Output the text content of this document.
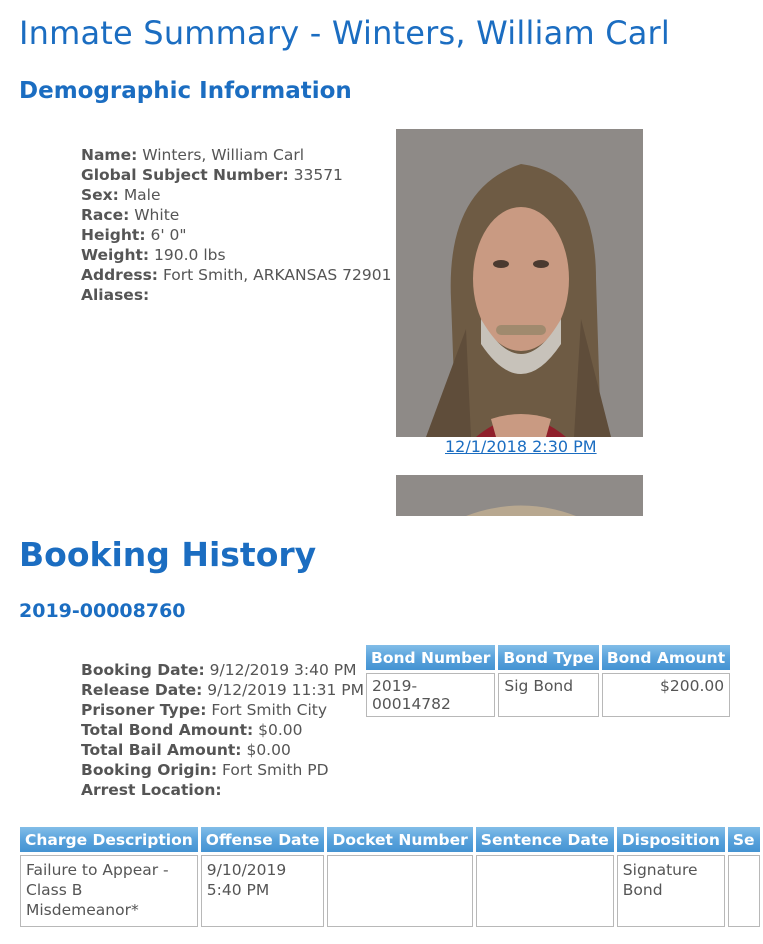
Inmate Summary - Winters, William Carl
Demographic Information
Name: Winters, William Carl
Global Subject Number: 33571
Sex: Male
Race: White
Height: 6' 0"
Weight: 190.0 lbs
Address: Fort Smith, ARKANSAS 72901
Aliases:
12/1/2018 2:30 PM
Booking History
2019-00008760
Booking Date: 9/12/2019 3:40 PM
Release Date: 9/12/2019 11:31 PM
Prisoner Type: Fort Smith City
Total Bond Amount: $0.00
Total Bail Amount: $0.00
Booking Origin: Fort Smith PD
Arrest Location:
Bond Number	Bond Type	Bond Amount
2019-00014782	Sig Bond	$200.00
Charge Description	Offense Date	Docket Number	Sentence Date	Disposition	Se
Failure to Appear - Class B Misdemeanor*	9/10/2019 5:40 PM			Signature Bond	
